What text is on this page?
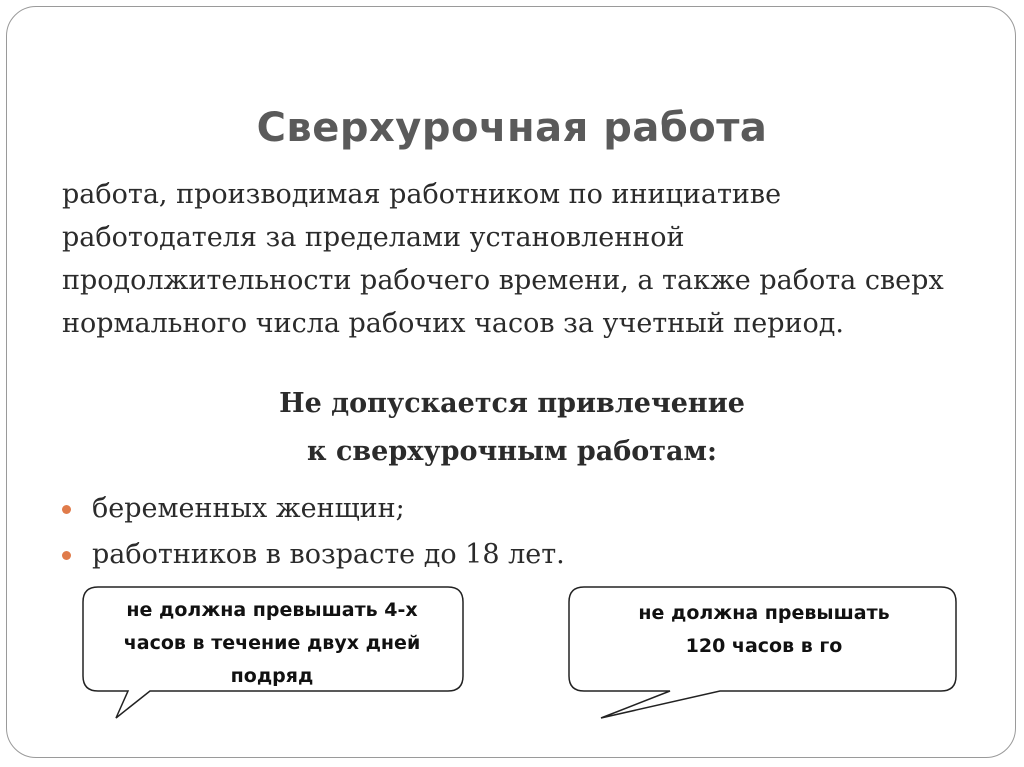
Сверхурочная работа
работа, производимая работником по инициативе работодателя за пределами установленной продолжительности рабочего времени, а также работа сверх нормального числа рабочих часов за учетный период.
Не допускается привлечение
к сверхурочным работам:
беременных женщин;
работников в возрасте до 18 лет.
не должна превышать 4-х
часов в течение двух дней
подряд
не должна превышать
120 часов в го
